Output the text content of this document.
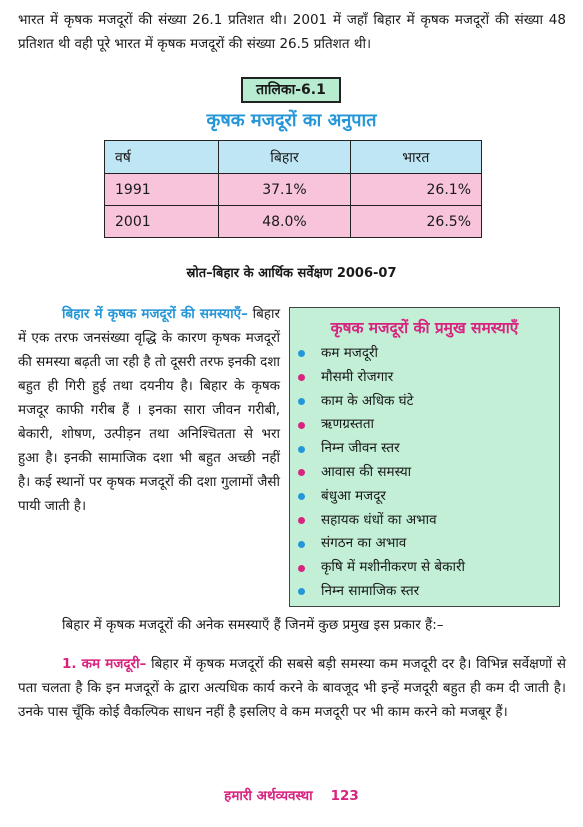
भारत में कृषक मजदूरों की संख्या 26.1 प्रतिशत थी। 2001 में जहाँ बिहार में कृषक मजदूरों की संख्या 48 प्रतिशत थी वही पूरे भारत में कृषक मजदूरों की संख्या 26.5 प्रतिशत थी।
तालिका-6.1
कृषक मजदूरों का अनुपात
वर्ष	बिहार	भारत
1991	37.1%	26.1%
2001	48.0%	26.5%
स्रोत–बिहार के आर्थिक सर्वेक्षण 2006-07
बिहार में कृषक मजदूरों की समस्याएँ– बिहार में एक तरफ जनसंख्या वृद्धि के कारण कृषक मजदूरों की समस्या बढ़ती जा रही है तो दूसरी तरफ इनकी दशा बहुत ही गिरी हुई तथा दयनीय है। बिहार के कृषक मजदूर काफी गरीब हैं । इनका सारा जीवन गरीबी, बेकारी, शोषण, उत्पीड़न तथा अनिश्चितता से भरा हुआ है। इनकी सामाजिक दशा भी बहुत अच्छी नहीं है। कई स्थानों पर कृषक मजदूरों की दशा गुलामों जैसी पायी जाती है।
कृषक मजदूरों की प्रमुख समस्याएँ
कम मजदूरी
मौसमी रोजगार
काम के अधिक घंटे
ऋणग्रस्तता
निम्न जीवन स्तर
आवास की समस्या
बंधुआ मजदूर
सहायक धंधों का अभाव
संगठन का अभाव
कृषि में मशीनीकरण से बेकारी
निम्न सामाजिक स्तर
बिहार में कृषक मजदूरों की अनेक समस्याएँ हैं जिनमें कुछ प्रमुख इस प्रकार हैं:–
1. कम मजदूरी– बिहार में कृषक मजदूरों की सबसे बड़ी समस्या कम मजदूरी दर है। विभिन्न सर्वेक्षणों से पता चलता है कि इन मजदूरों के द्वारा अत्यधिक कार्य करने के बावजूद भी इन्हें मजदूरी बहुत ही कम दी जाती है। उनके पास चूँकि कोई वैकल्पिक साधन नहीं है इसलिए वे कम मजदूरी पर भी काम करने को मजबूर हैं।
हमारी अर्थव्यवस्था 123
